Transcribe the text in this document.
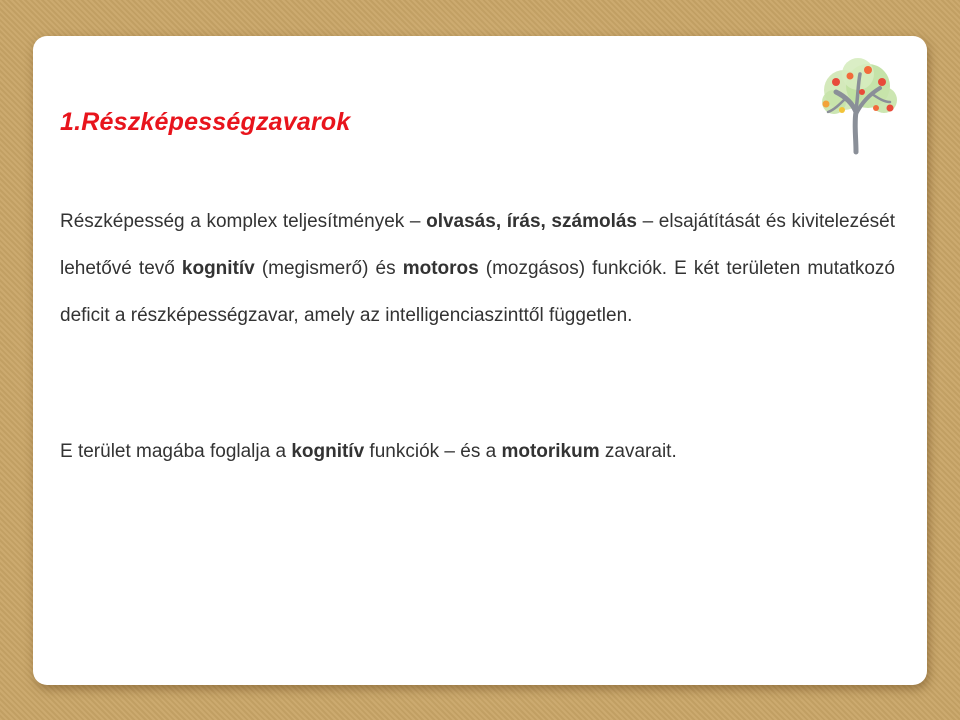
1.Részképességzavarok

Részképesség a komplex teljesítmények – olvasás, írás, számolás – elsajátítását és kivitelezését lehetővé tevő kognitív (megismerő) és motoros (mozgásos) funkciók. E két területen mutatkozó deficit a részképességzavar, amely az intelligenciaszinttől független.

E terület magába foglalja a kognitív funkciók – és a motorikum zavarait.
